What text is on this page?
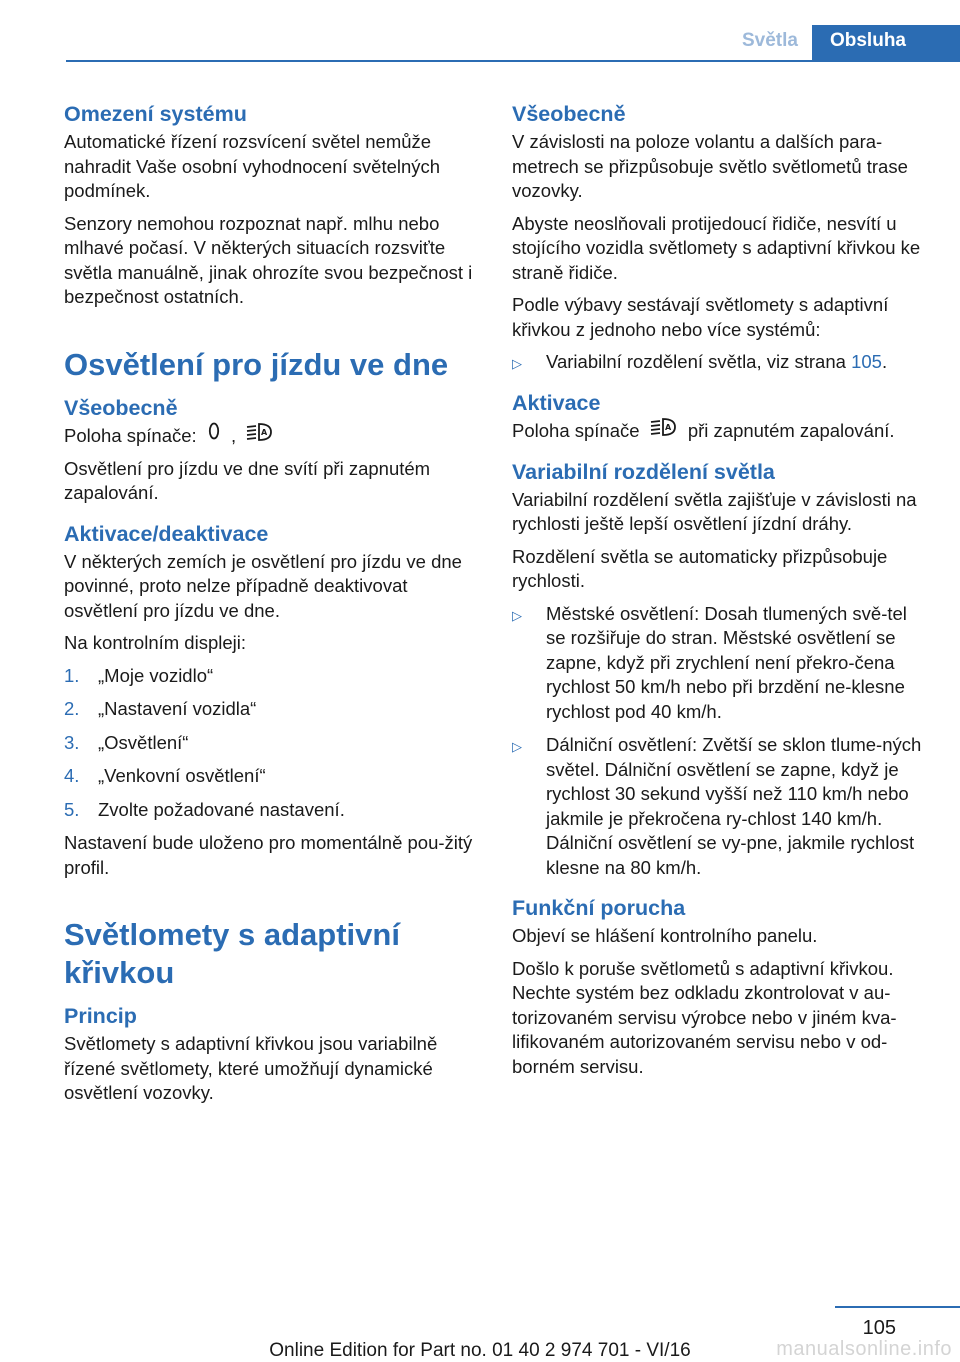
Světla	Obsluha
Omezení systému

Automatické řízení rozsvícení světel nemůže nahradit Vaše osobní vyhodnocení světelných podmínek.

Senzory nemohou rozpoznat např. mlhu nebo mlhavé počasí. V některých situacích rozsviťte světla manuálně, jinak ohrozíte svou bezpečnost i bezpečnost ostatních.

Osvětlení pro jízdu ve dne
Všeobecně

Poloha spínače: ,	A

Osvětlení pro jízdu ve dne svítí při zapnutém zapalování.

Aktivace/deaktivace

V některých zemích je osvětlení pro jízdu ve dne povinné, proto nelze případně deaktivovat osvětlení pro jízdu ve dne.

Na kontrolním displeji:

1. „Moje vozidlo“
2. „Nastavení vozidla“
3. „Osvětlení“
4. „Venkovní osvětlení“
5. Zvolte požadované nastavení.

Nastavení bude uloženo pro momentálně pou‐žitý profil.

Světlomety s adaptivní křivkou
Princip

Světlomety s adaptivní křivkou jsou variabilně řízené světlomety, které umožňují dynamické osvětlení vozovky.

Všeobecně

V závislosti na poloze volantu a dalších para‐metrech se přizpůsobuje světlo světlometů trase vozovky.

Abyste neoslňovali protijedoucí řidiče, nesvítí u stojícího vozidla světlomety s adaptivní křivkou ke straně řidiče.

Podle výbavy sestávají světlomety s adaptivní křivkou z jednoho nebo více systémů:

▷ Variabilní rozdělení světla, viz strana 105.
Aktivace

Poloha spínače	A při zapnutém zapalování.

Variabilní rozdělení světla

Variabilní rozdělení světla zajišťuje v závislosti na rychlosti ještě lepší osvětlení jízdní dráhy.

Rozdělení světla se automaticky přizpůsobuje rychlosti.

▷ Městské osvětlení: Dosah tlumených svě‐tel se rozšiřuje do stran. Městské osvětlení se zapne, když při zrychlení není překro‐čena rychlost 50 km/h nebo při brzdění ne‐klesne rychlost pod 40 km/h.
▷ Dálniční osvětlení: Zvětší se sklon tlume‐ných světel. Dálniční osvětlení se zapne, když je rychlost 30 sekund vyšší než 110 km/h nebo jakmile je překročena ry‐chlost 140 km/h. Dálniční osvětlení se vy‐pne, jakmile rychlost klesne na 80 km/h.
Funkční porucha

Objeví se hlášení kontrolního panelu.

Došlo k poruše světlometů s adaptivní křivkou. Nechte systém bez odkladu zkontrolovat v au‐torizovaném servisu výrobce nebo v jiném kva‐lifikovaném autorizovaném servisu nebo v od‐borném servisu.

105
Online Edition for Part no. 01 40 2 974 701 - VI/16	manualsonline.info
